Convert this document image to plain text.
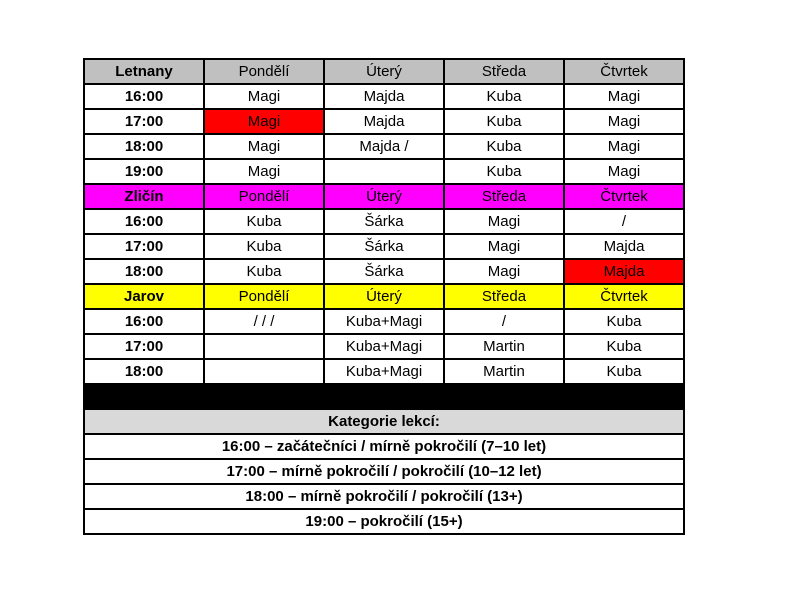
Letnany	Pondělí	Úterý	Středa	Čtvrtek
16:00	Magi	Majda	Kuba	Magi
17:00	Magi	Majda	Kuba	Magi
18:00	Magi	Majda /	Kuba	Magi
19:00	Magi		Kuba	Magi
Zličín	Pondělí	Úterý	Středa	Čtvrtek
16:00	Kuba	Šárka	Magi	/
17:00	Kuba	Šárka	Magi	Majda
18:00	Kuba	Šárka	Magi	Majda
Jarov	Pondělí	Úterý	Středa	Čtvrtek
16:00	/ / /	Kuba+Magi	/	Kuba
17:00		Kuba+Magi	Martin	Kuba
18:00		Kuba+Magi	Martin	Kuba

Kategorie lekcí:				
16:00 – začátečníci / mírně pokročilí (7–10 let)				
17:00 – mírně pokročilí / pokročilí (10–12 let)				
18:00 – mírně pokročilí / pokročilí (13+)				
19:00 – pokročilí (15+)				
